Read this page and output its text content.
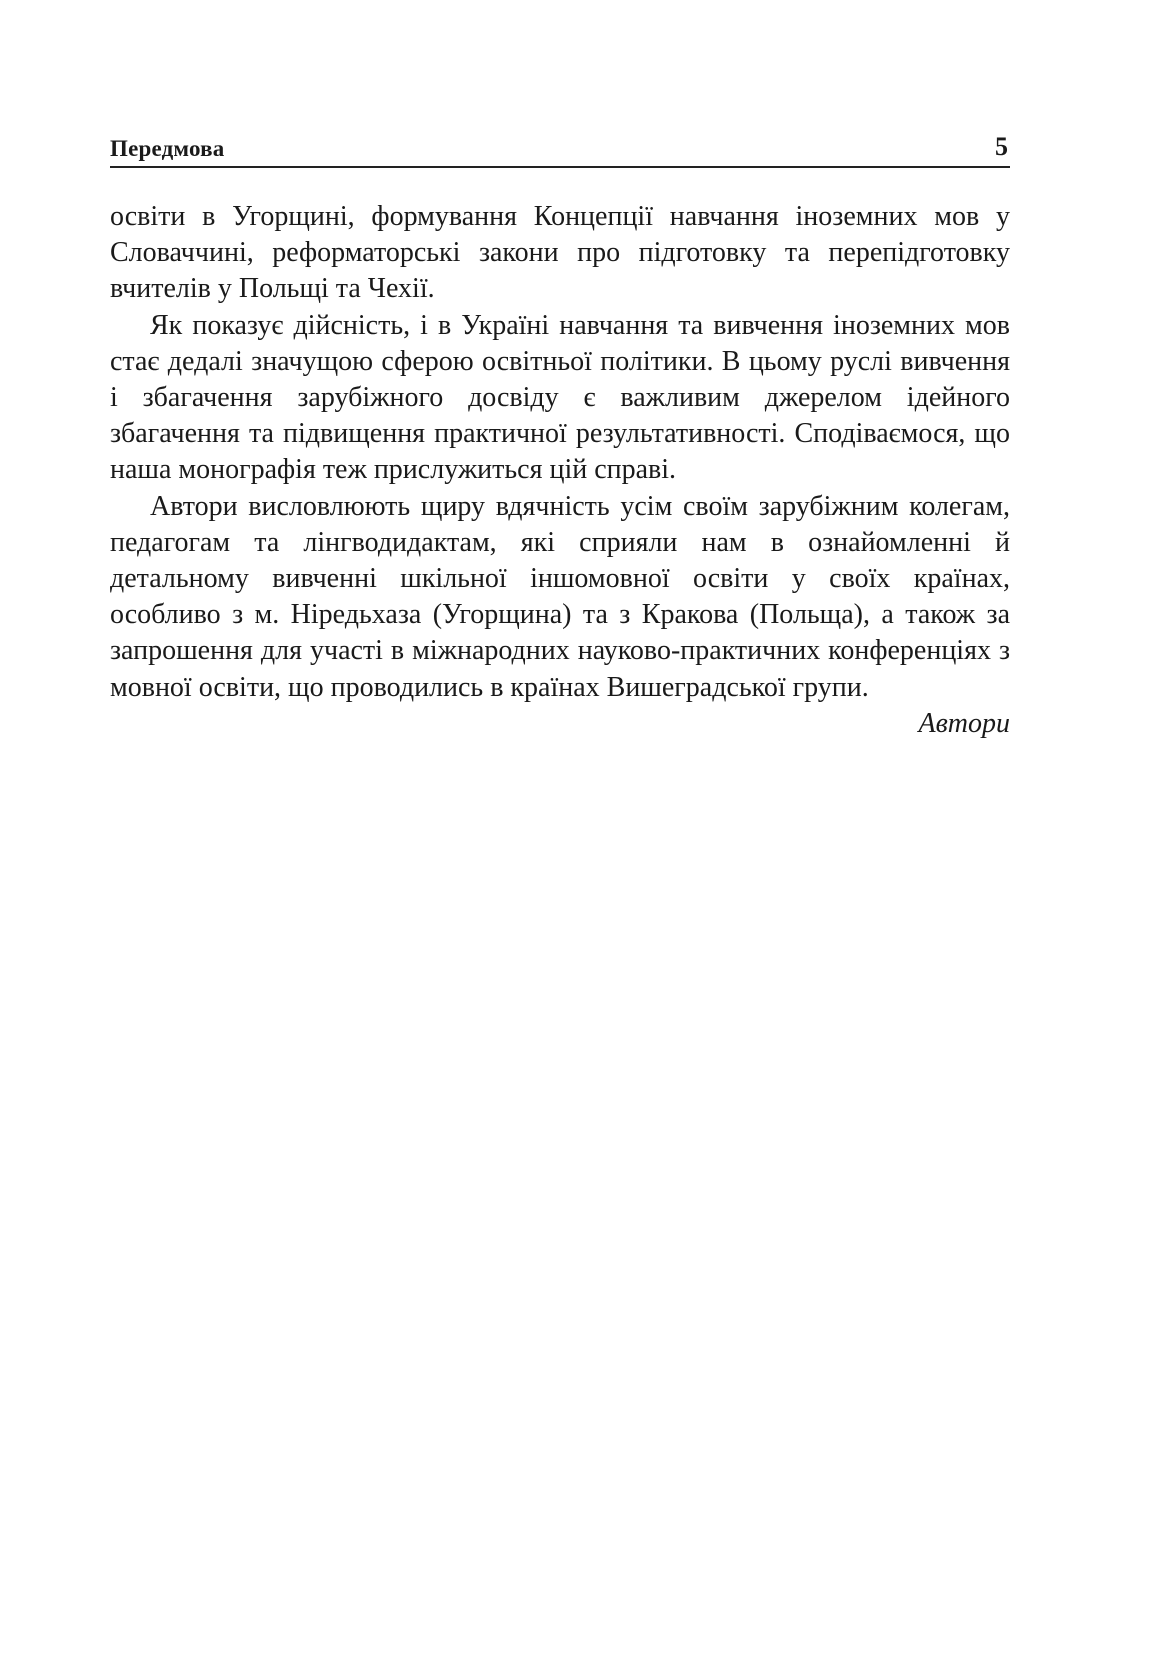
Передмова	5

освіти в Угорщині, формування Концепції навчання іноземних мов у Словаччині, реформаторські закони про підготовку та перепідготовку вчителів у Польщі та Чехії.

Як показує дійсність, і в Україні навчання та вивчення іноземних мов стає дедалі значущою сферою освітньої політики. В цьому руслі вивчення і збагачення зарубіжного досвіду є важливим джерелом ідейного збагачення та підвищення практичної результативності. Сподіваємося, що наша монографія теж прислужиться цій справі.

Автори висловлюють щиру вдячність усім своїм зарубіжним колегам, педагогам та лінгводидактам, які сприяли нам в ознайомленні й детальному вивченні шкільної іншомовної освіти у своїх країнах, особливо з м. Ніредьхаза (Угорщина) та з Кракова (Польща), а також за запрошення для участі в міжнародних науково-практичних конференціях з мовної освіти, що проводились в країнах Вишеградської групи.

Автори
